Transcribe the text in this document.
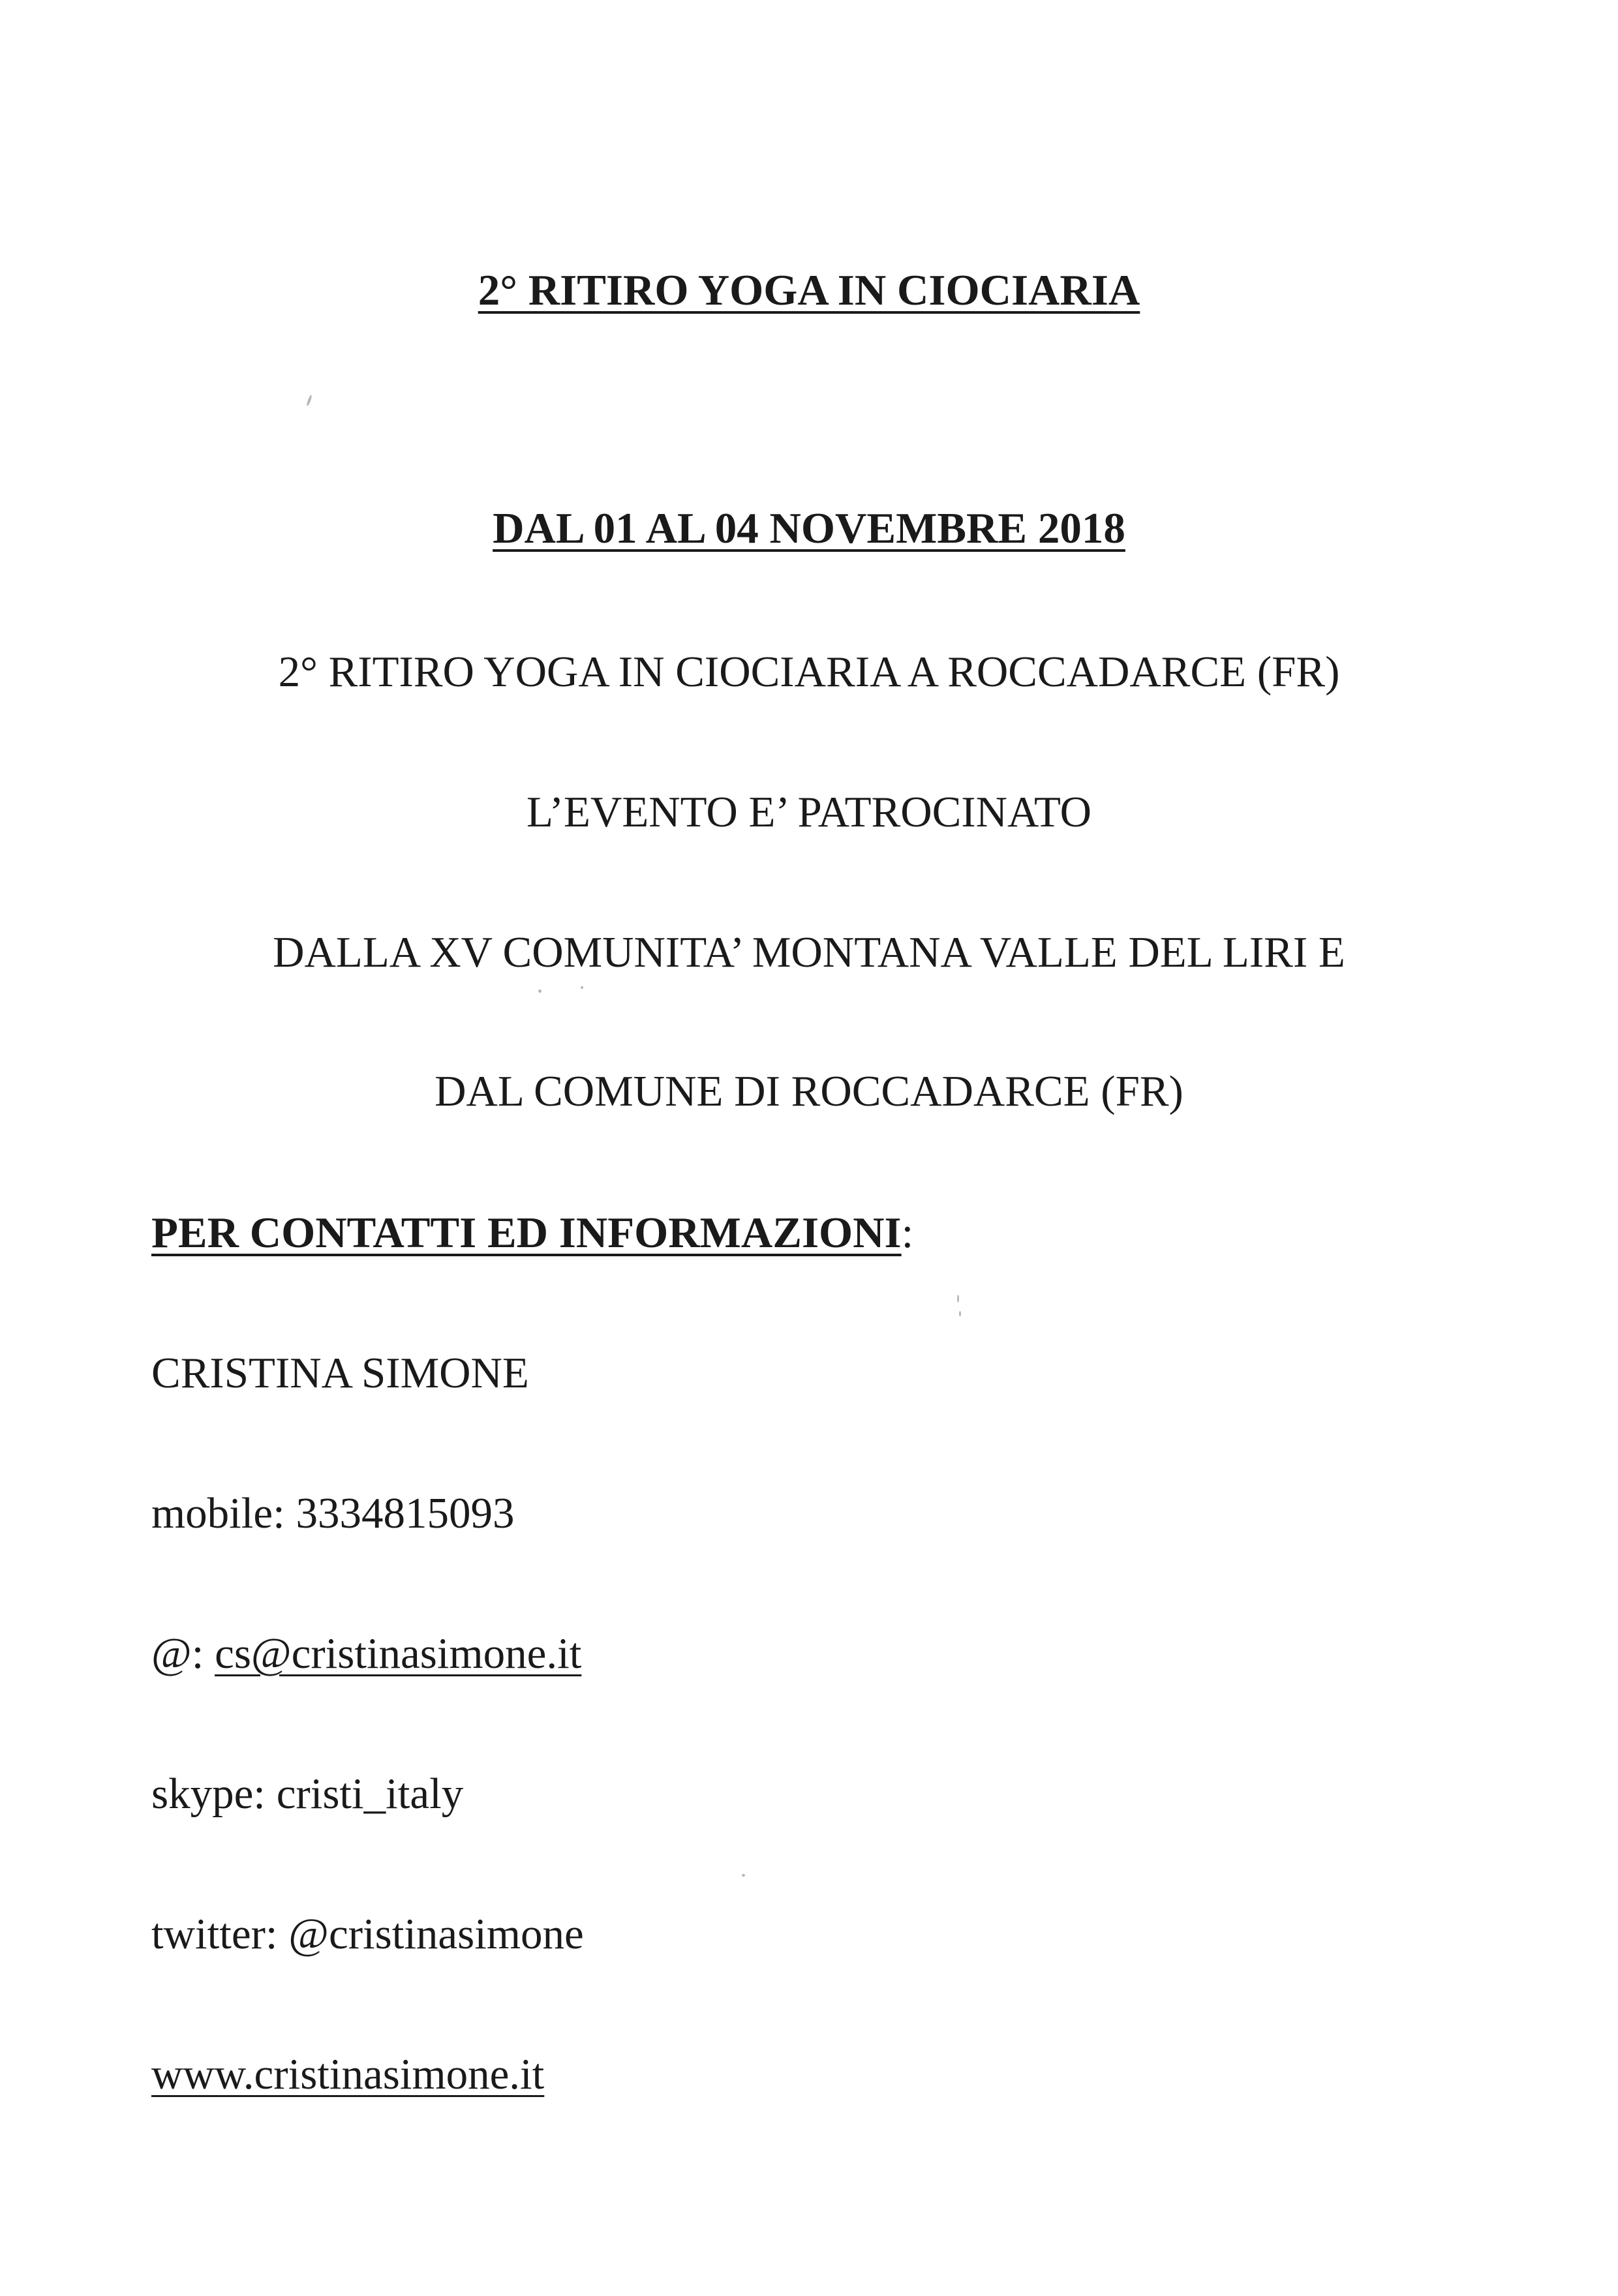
2° RITIRO YOGA IN CIOCIARIA
DAL 01 AL 04 NOVEMBRE 2018
2° RITIRO YOGA IN CIOCIARIA A ROCCADARCE (FR)
L’EVENTO E’ PATROCINATO
DALLA XV COMUNITA’ MONTANA VALLE DEL LIRI E
DAL COMUNE DI ROCCADARCE (FR)
PER CONTATTI ED INFORMAZIONI:
CRISTINA SIMONE
mobile: 3334815093
@: cs@cristinasimone.it
skype: cristi_italy
twitter: @cristinasimone
www.cristinasimone.it
